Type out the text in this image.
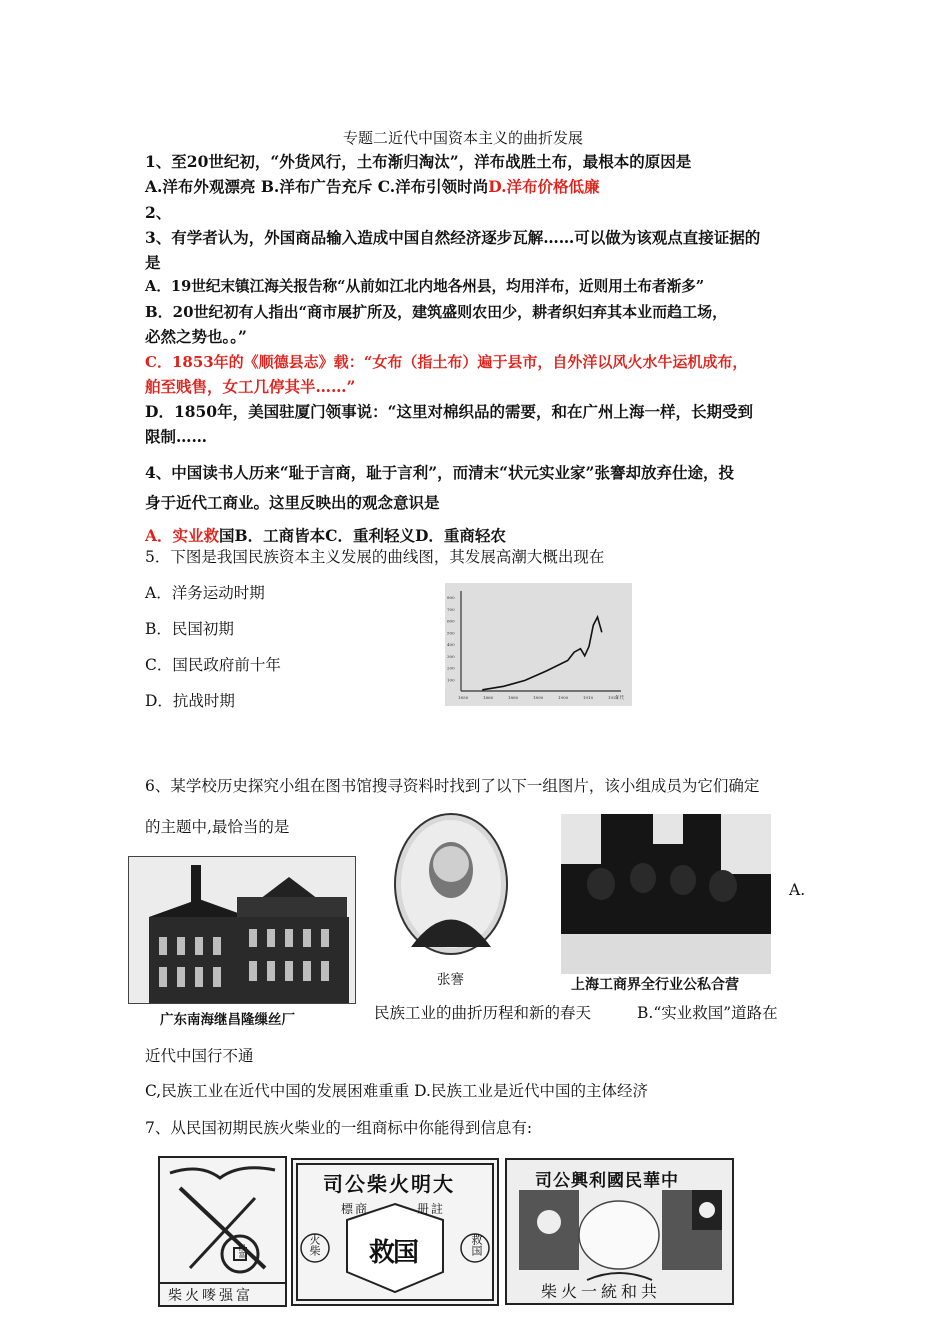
专题二近代中国资本主义的曲折发展
1、至20世纪初，“外货风行，土布渐归淘汰”，洋布战胜土布，最根本的原因是
A.洋布外观漂亮 B.洋布广告充斥 C.洋布引领时尚D.洋布价格低廉
2、
3、有学者认为，外国商品输入造成中国自然经济逐步瓦解……可以做为该观点直接证据的
是
A．19世纪末镇江海关报告称“从前如江北内地各州县，均用洋布，近则用土布者渐多”
B．20世纪初有人指出“商市展扩所及，建筑盛则农田少，耕者织妇弃其本业而趋工场，
必然之势也。。”
C．1853年的《顺德县志》载：“女布（指土布）遍于县市，自外洋以风火水牛运机成布，
舶至贱售，女工几停其半……”
D．1850年，美国驻厦门领事说：“这里对棉织品的需要，和在广州上海一样，长期受到
限制……
4、中国读书人历来“耻于言商，耻于言利”，而清末“状元实业家”张謇却放弃仕途，投
身于近代工商业。这里反映出的观念意识是
A．实业救国B．工商皆本C．重利轻义D．重商轻农
5．下图是我国民族资本主义发展的曲线图，其发展高潮大概出现在
A．洋务运动时期
B．民国初期
C．国民政府前十年
D．抗战时期
100
200
300
400
500
600
700
800
1850	1860	1880	1890	1900	1910	1920
年代
6、某学校历史探究小组在图书馆搜寻资料时找到了以下一组图片，该小组成员为它们确定
的主题中,最恰当的是
广东南海继昌隆缫丝厂
张謇	上海工商界全行业公私合营
A.
民族工业的曲折历程和新的春天	B.“实业救国”道路在
近代中国行不通
C,民族工业在近代中国的发展困难重重 D.民族工业是近代中国的主体经济
7、从民国初期民族火柴业的一组商标中你能得到信息有:
国富
柴火嘜强富
司公柴火明大
標商	册註
救国
火柴	救国
司公興利國民華中
柴火一統和共
